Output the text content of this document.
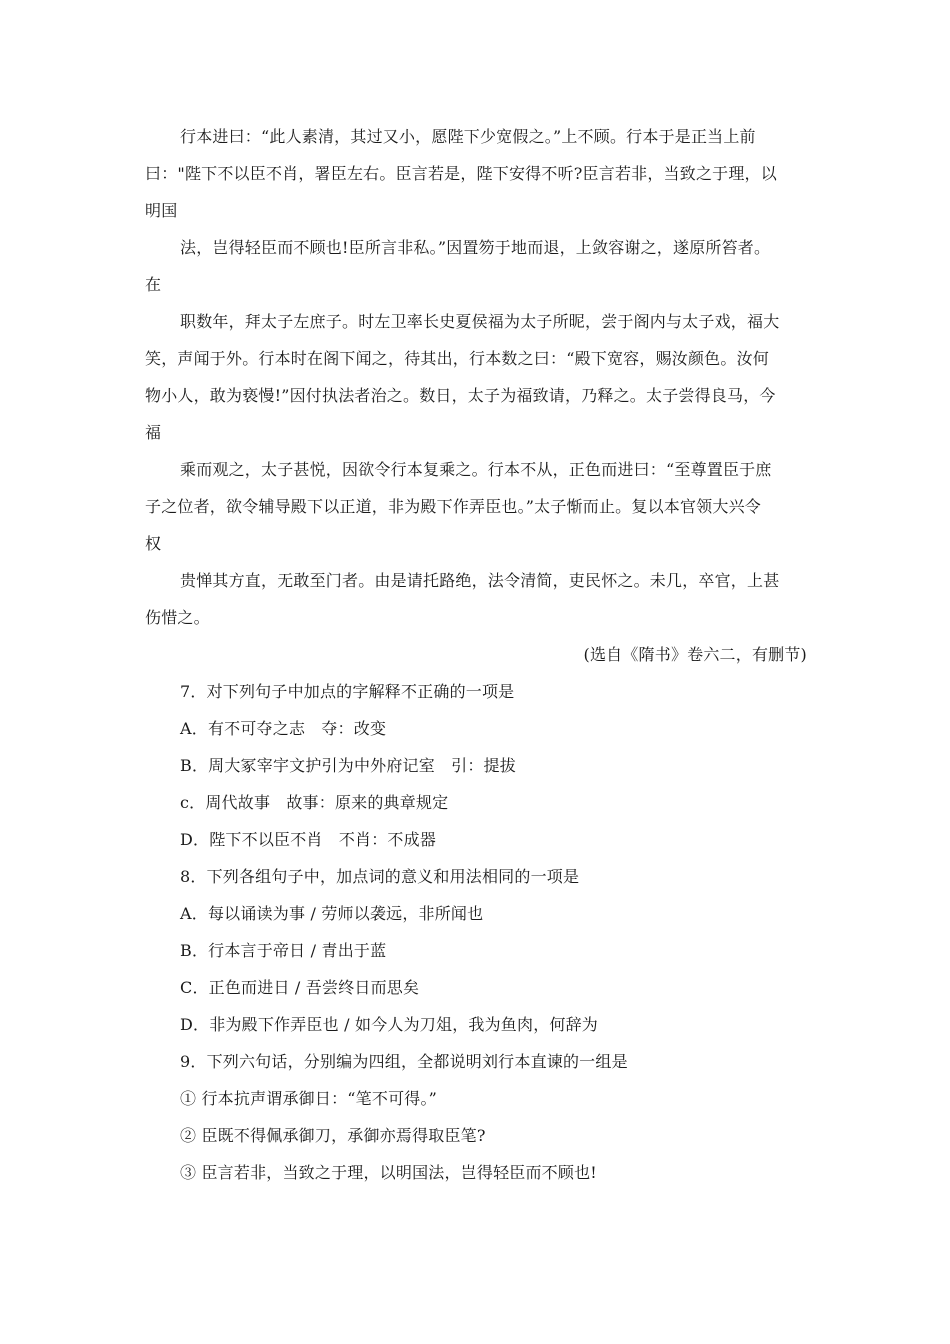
行本进曰：“此人素清，其过又小，愿陛下少宽假之。”上不顾。行本于是正当上前
曰："陛下不以臣不肖，署臣左右。臣言若是，陛下安得不听?臣言若非，当致之于理，以
明国
法，岂得轻臣而不顾也!臣所言非私。”因置笏于地而退，上敛容谢之，遂原所笞者。
在
职数年，拜太子左庶子。时左卫率长史夏侯福为太子所昵，尝于阁内与太子戏，福大
笑，声闻于外。行本时在阁下闻之，待其出，行本数之曰：“殿下宽容，赐汝颜色。汝何
物小人，敢为亵慢!”因付执法者治之。数日，太子为福致请，乃释之。太子尝得良马，今
福
乘而观之，太子甚悦，因欲令行本复乘之。行本不从，正色而进曰：“至尊置臣于庶
子之位者，欲令辅导殿下以正道，非为殿下作弄臣也。”太子惭而止。复以本官领大兴令
权
贵惮其方直，无敢至门者。由是请托路绝，法令清简，吏民怀之。未几，卒官，上甚
伤惜之。
(选自《隋书》卷六二，有删节)
7．对下列句子中加点的字解释不正确的一项是
A．有不可夺之志　夺：改变
B．周大冢宰宇文护引为中外府记室　引：提拔
c．周代故事　故事：原来的典章规定
D．陛下不以臣不肖　不肖：不成器
8．下列各组句子中，加点词的意义和用法相同的一项是
A．每以诵读为事 / 劳师以袭远，非所闻也
B．行本言于帝日 / 青出于蓝
C．正色而进日 / 吾尝终日而思矣
D．非为殿下作弄臣也 / 如今人为刀俎，我为鱼肉，何辞为
9．下列六句话，分别编为四组，全都说明刘行本直谏的一组是
① 行本抗声谓承御日：“笔不可得。”
② 臣既不得佩承御刀，承御亦焉得取臣笔?
③ 臣言若非，当致之于理，以明国法，岂得轻臣而不顾也!
